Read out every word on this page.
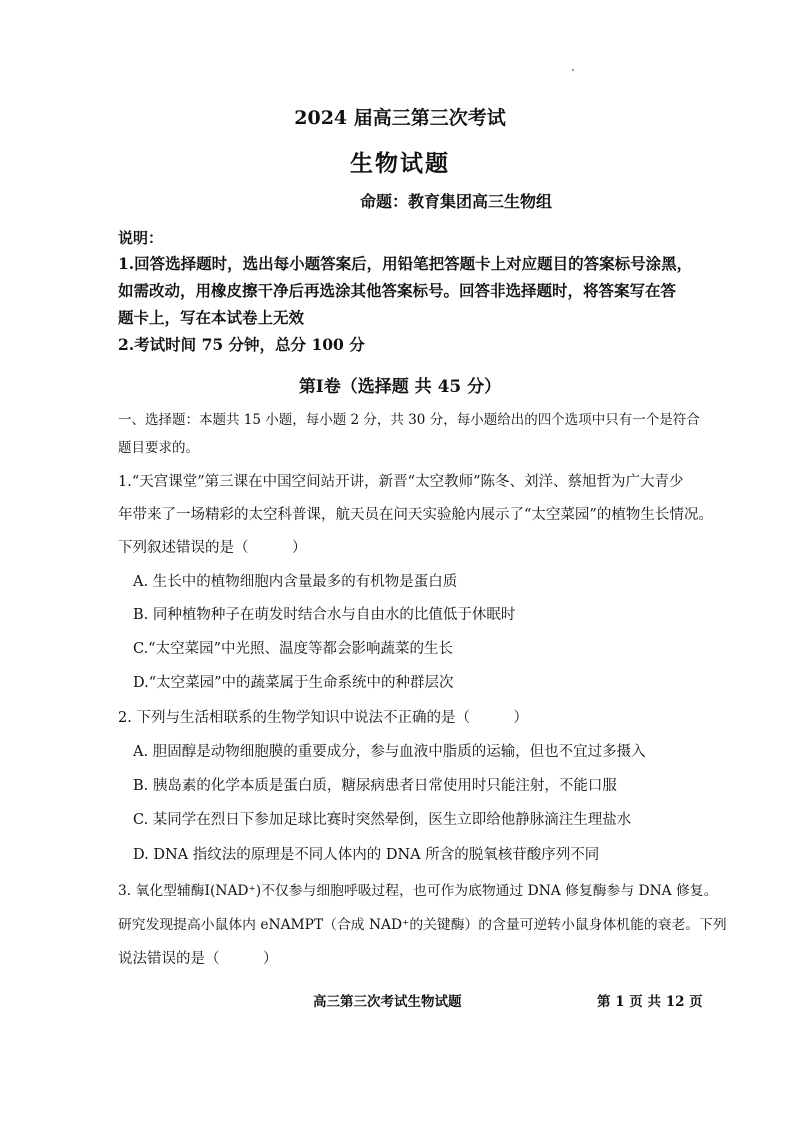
2024 届高三第三次考试
生物试题
命题：教育集团高三生物组
说明：
1.回答选择题时，选出每小题答案后，用铅笔把答题卡上对应题目的答案标号涂黑，
如需改动，用橡皮擦干净后再选涂其他答案标号。回答非选择题时，将答案写在答
题卡上，写在本试卷上无效
2.考试时间 75 分钟，总分 100 分
第Ⅰ卷（选择题 共 45 分）
一、选择题：本题共 15 小题，每小题 2 分，共 30 分，每小题给出的四个选项中只有一个是符合
题目要求的。
1.“天宫课堂”第三课在中国空间站开讲，新晋“太空教师”陈冬、刘洋、蔡旭哲为广大青少
年带来了一场精彩的太空科普课，航天员在问天实验舱内展示了“太空菜园”的植物生长情况。
下列叙述错误的是（　　　）
A. 生长中的植物细胞内含量最多的有机物是蛋白质
B. 同种植物种子在萌发时结合水与自由水的比值低于休眠时
C.“太空菜园”中光照、温度等都会影响蔬菜的生长
D.“太空菜园”中的蔬菜属于生命系统中的种群层次
2. 下列与生活相联系的生物学知识中说法不正确的是（　　　）
A. 胆固醇是动物细胞膜的重要成分，参与血液中脂质的运输，但也不宜过多摄入
B. 胰岛素的化学本质是蛋白质，糖尿病患者日常使用时只能注射，不能口服
C. 某同学在烈日下参加足球比赛时突然晕倒，医生立即给他静脉滴注生理盐水
D. DNA 指纹法的原理是不同人体内的 DNA 所含的脱氧核苷酸序列不同
3. 氧化型辅酶Ⅰ(NAD⁺)不仅参与细胞呼吸过程，也可作为底物通过 DNA 修复酶参与 DNA 修复。
研究发现提高小鼠体内 eNAMPT（合成 NAD⁺的关键酶）的含量可逆转小鼠身体机能的衰老。下列
说法错误的是（　　　）
高三第三次考试生物试题	第 1 页 共 12 页
